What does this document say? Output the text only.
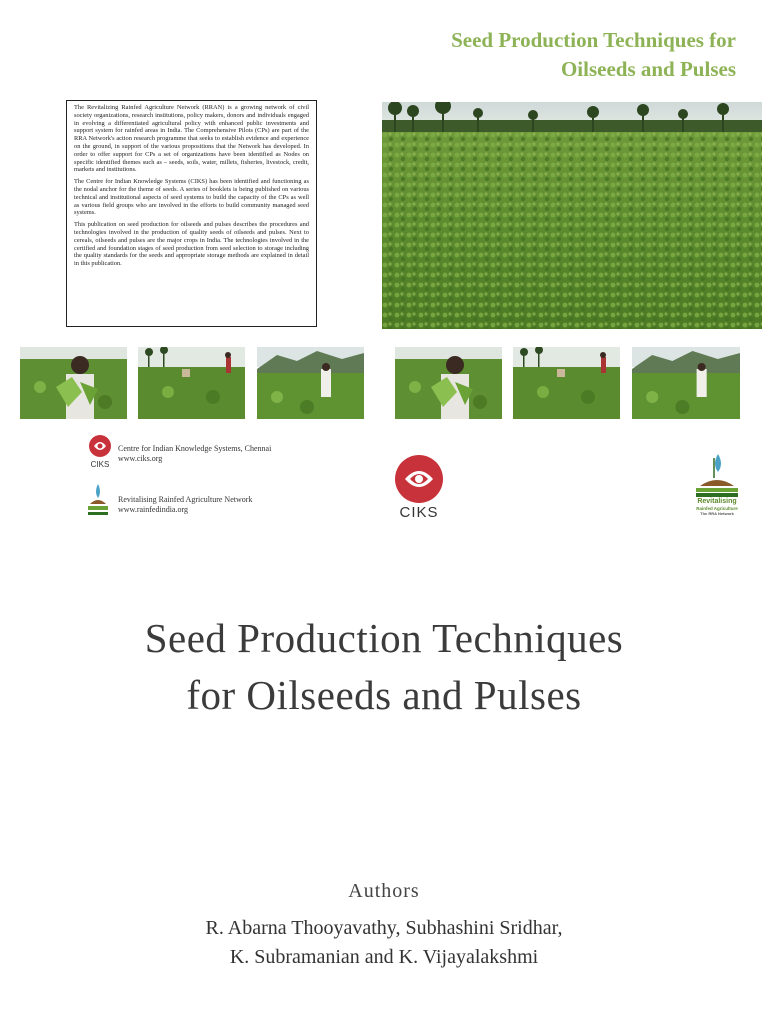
Seed Production Techniques for
Oilseeds and Pulses

The Revitalizing Rainfed Agriculture Network (RRAN) is a growing network of civil society organizations, research institutions, policy makers, donors and individuals engaged in evolving a differentiated agricultural policy with enhanced public investments and support system for rainfed areas in India. The Comprehensive Pilots (CPs) are part of the RRA Network's action research programme that seeks to establish evidence and experience on the ground, in support of the various propositions that the Network has developed. In order to offer support for CPs a set of organizations have been identified as Nodes on specific identified themes such as – seeds, soils, water, millets, fisheries, livestock, credit, markets and institutions.

The Centre for Indian Knowledge Systems (CIKS) has been identified and functioning as the nodal anchor for the theme of seeds. A series of booklets is being published on various technical and institutional aspects of seed systems to build the capacity of the CPs as well as various field groups who are involved in the efforts to build community managed seed systems.

This publication on seed production for oilseeds and pulses describes the procedures and technologies involved in the production of quality seeds of oilseeds and pulses. Next to cereals, oilseeds and pulses are the major crops in India. The technologies involved in the certified and foundation stages of seed production from seed selection to storage including the quality standards for the seeds and appropriate storage methods are explained in detail in this publication.

CIKS
Centre for Indian Knowledge Systems, Chennai
www.ciks.org
Revitalising Rainfed Agriculture Network
www.rainfedindia.org	CIKS
Revitalising
Rainfed Agriculture
The RRA Network
Seed Production Techniques
for Oilseeds and Pulses
Authors
R. Abarna Thooyavathy, Subhashini Sridhar,
K. Subramanian and K. Vijayalakshmi
